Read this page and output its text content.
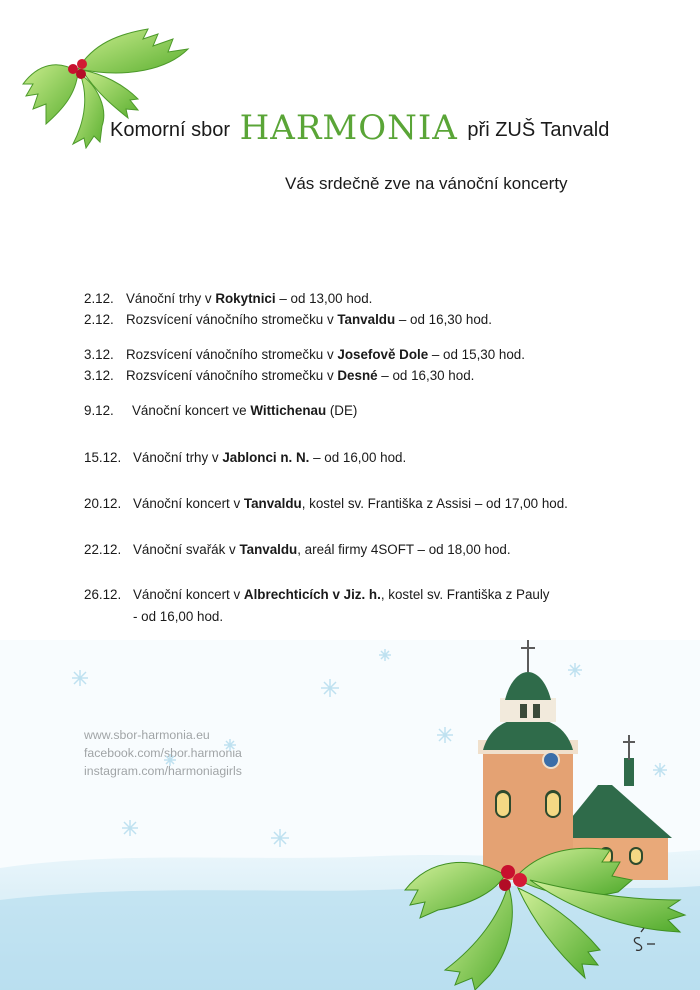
Komorní sbor HARMONIA při ZUŠ Tanvald
Vás srdečně zve na vánoční koncerty
2.12. Vánoční trhy v Rokytnici – od 13,00 hod.
2.12. Rozsvícení vánočního stromečku v Tanvaldu – od 16,30 hod.
3.12. Rozsvícení vánočního stromečku v Josefově Dole – od 15,30 hod.
3.12. Rozsvícení vánočního stromečku v Desné – od 16,30 hod.
9.12. Vánoční koncert ve Wittichenau (DE)
15.12. Vánoční trhy v Jablonci n. N. – od 16,00 hod.
20.12. Vánoční koncert v Tanvaldu, kostel sv. Františka z Assisi – od 17,00 hod.
22.12. Vánoční svařák v Tanvaldu, areál firmy 4SOFT – od 18,00 hod.
26.12. Vánoční koncert v Albrechticích v Jiz. h., kostel sv. Františka z Pauly
- od 16,00 hod.
